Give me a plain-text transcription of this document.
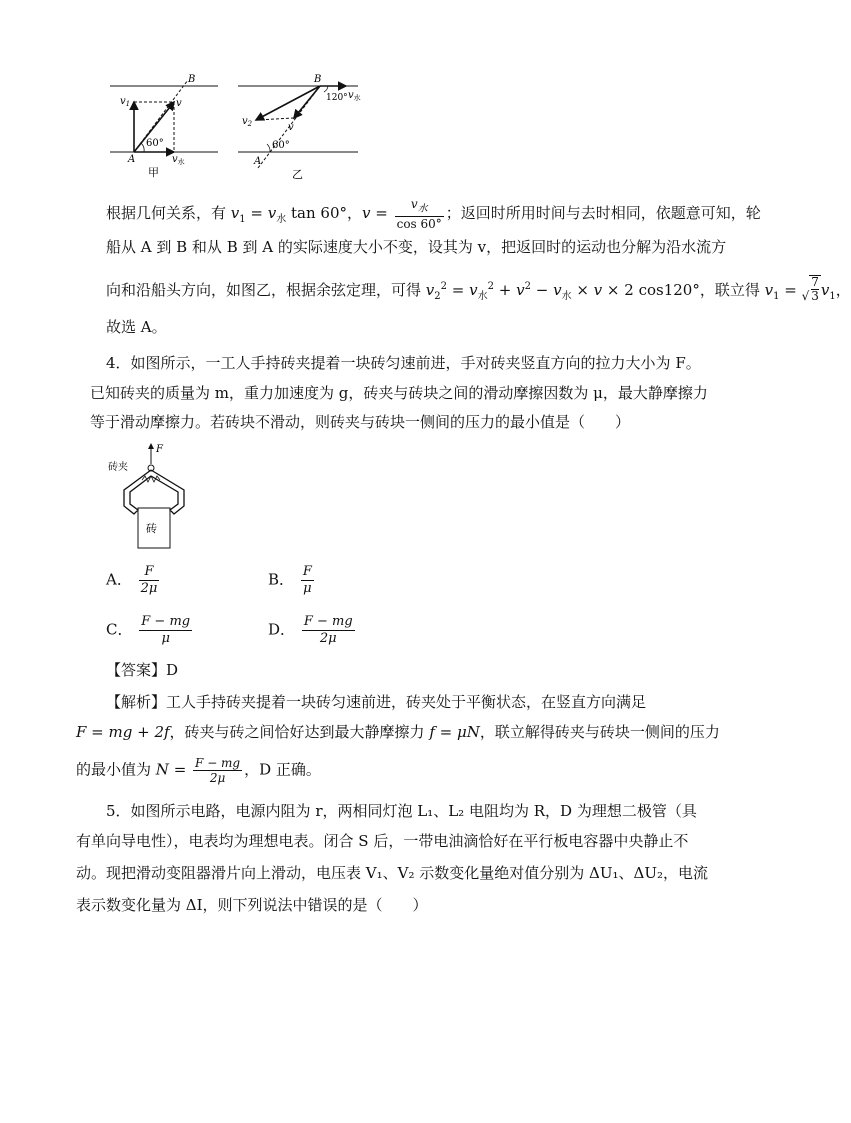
B
$v_1$	v
60°
A	$v_水$
甲
B
120° $v_水$
$v_2$	v
60°
A
乙
根据几何关系，有 $v_1 = v_水$ tan 60°，$v = \frac{v_水}{\cos 60^\circ}$ ；返回时所用时间与去时相同，依题意可知，轮
船从 A 到 B 和从 B 到 A 的实际速度大小不变，设其为 v，把返回时的运动也分解为沿水流方
向和沿船头方向，如图乙，根据余弦定理，可得 $v_2^2 = v_水^2 + v^2 - v_水 \times v \times 2$ cos120°，联立得 $v_1$ = √ $\frac{7}{3} v_1$，
故选 A。
4．如图所示，一工人手持砖夹提着一块砖匀速前进，手对砖夹竖直方向的拉力大小为 F。
已知砖夹的质量为 m，重力加速度为 g，砖夹与砖块之间的滑动摩擦因数为 μ，最大静摩擦力
等于滑动摩擦力。若砖块不滑动，则砖夹与砖块一侧间的压力的最小值是（　　）
F
砖夹
砖
A． $\frac{F}{2\mu}$	B． $\frac{F}{\mu}$
C． $\frac{F - mg}{\mu}$	D． $\frac{F - mg}{2\mu}$
【答案】D
【解析】工人手持砖夹提着一块砖匀速前进，砖夹处于平衡状态，在竖直方向满足
F = mg + 2f，砖夹与砖之间恰好达到最大静摩擦力 f = μN，联立解得砖夹与砖块一侧间的压力
的最小值为 $N = \frac{F - mg}{2\mu}$ ，D 正确。
5．如图所示电路，电源内阻为 r，两相同灯泡 L₁、L₂ 电阻均为 R，D 为理想二极管（具
有单向导电性），电表均为理想电表。闭合 S 后，一带电油滴恰好在平行板电容器中央静止不
动。现把滑动变阻器滑片向上滑动，电压表 V₁、V₂ 示数变化量绝对值分别为 ΔU₁、ΔU₂，电流
表示数变化量为 ΔI，则下列说法中错误的是（　　）
